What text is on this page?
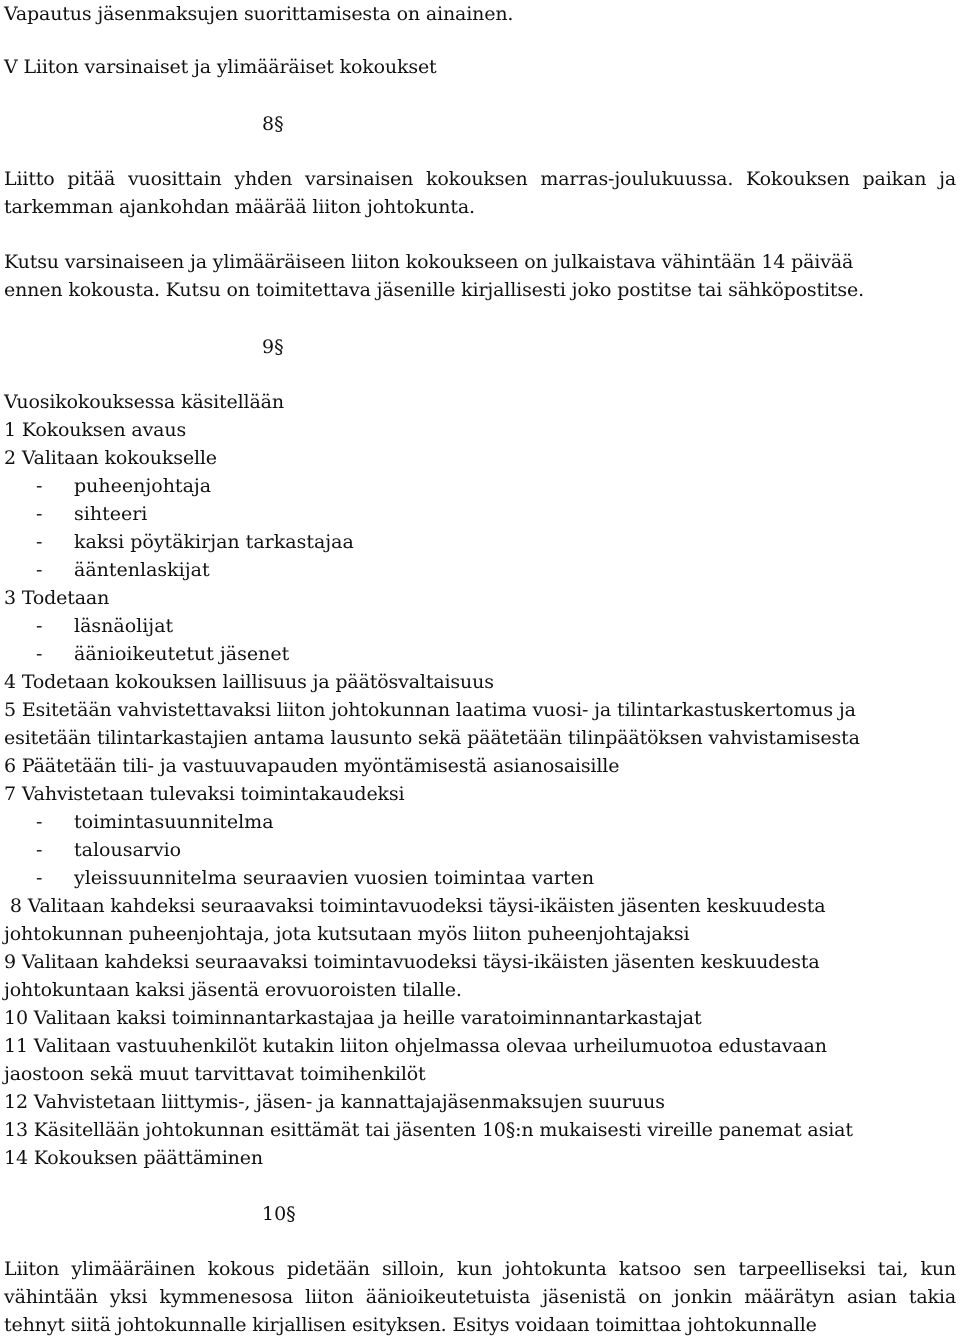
Vapautus jäsenmaksujen suorittamisesta on ainainen.
V Liiton varsinaiset ja ylimääräiset kokoukset
8§
Liitto pitää vuosittain yhden varsinaisen kokouksen marras-joulukuussa. Kokouksen paikan ja
tarkemman ajankohdan määrää liiton johtokunta.
Kutsu varsinaiseen ja ylimääräiseen liiton kokoukseen on julkaistava vähintään 14 päivää
ennen kokousta. Kutsu on toimitettava jäsenille kirjallisesti joko postitse tai sähköpostitse.
9§
Vuosikokouksessa käsitellään
1 Kokouksen avaus
2 Valitaan kokoukselle
- puheenjohtaja
- sihteeri
- kaksi pöytäkirjan tarkastajaa
- ääntenlaskijat
3 Todetaan
- läsnäolijat
- äänioikeutetut jäsenet
4 Todetaan kokouksen laillisuus ja päätösvaltaisuus
5 Esitetään vahvistettavaksi liiton johtokunnan laatima vuosi- ja tilintarkastuskertomus ja
esitetään tilintarkastajien antama lausunto sekä päätetään tilinpäätöksen vahvistamisesta
6 Päätetään tili- ja vastuuvapauden myöntämisestä asianosaisille
7 Vahvistetaan tulevaksi toimintakaudeksi
- toimintasuunnitelma
- talousarvio
- yleissuunnitelma seuraavien vuosien toimintaa varten
8 Valitaan kahdeksi seuraavaksi toimintavuodeksi täysi-ikäisten jäsenten keskuudesta
johtokunnan puheenjohtaja, jota kutsutaan myös liiton puheenjohtajaksi
9 Valitaan kahdeksi seuraavaksi toimintavuodeksi täysi-ikäisten jäsenten keskuudesta
johtokuntaan kaksi jäsentä erovuoroisten tilalle.
10 Valitaan kaksi toiminnantarkastajaa ja heille varatoiminnantarkastajat
11 Valitaan vastuuhenkilöt kutakin liiton ohjelmassa olevaa urheilumuotoa edustavaan
jaostoon sekä muut tarvittavat toimihenkilöt
12 Vahvistetaan liittymis-, jäsen- ja kannattajajäsenmaksujen suuruus
13 Käsitellään johtokunnan esittämät tai jäsenten 10§:n mukaisesti vireille panemat asiat
14 Kokouksen päättäminen
10§
Liiton ylimääräinen kokous pidetään silloin, kun johtokunta katsoo sen tarpeelliseksi tai, kun
vähintään yksi kymmenesosa liiton äänioikeutetuista jäsenistä on jonkin määrätyn asian takia
tehnyt siitä johtokunnalle kirjallisen esityksen. Esitys voidaan toimittaa johtokunnalle
